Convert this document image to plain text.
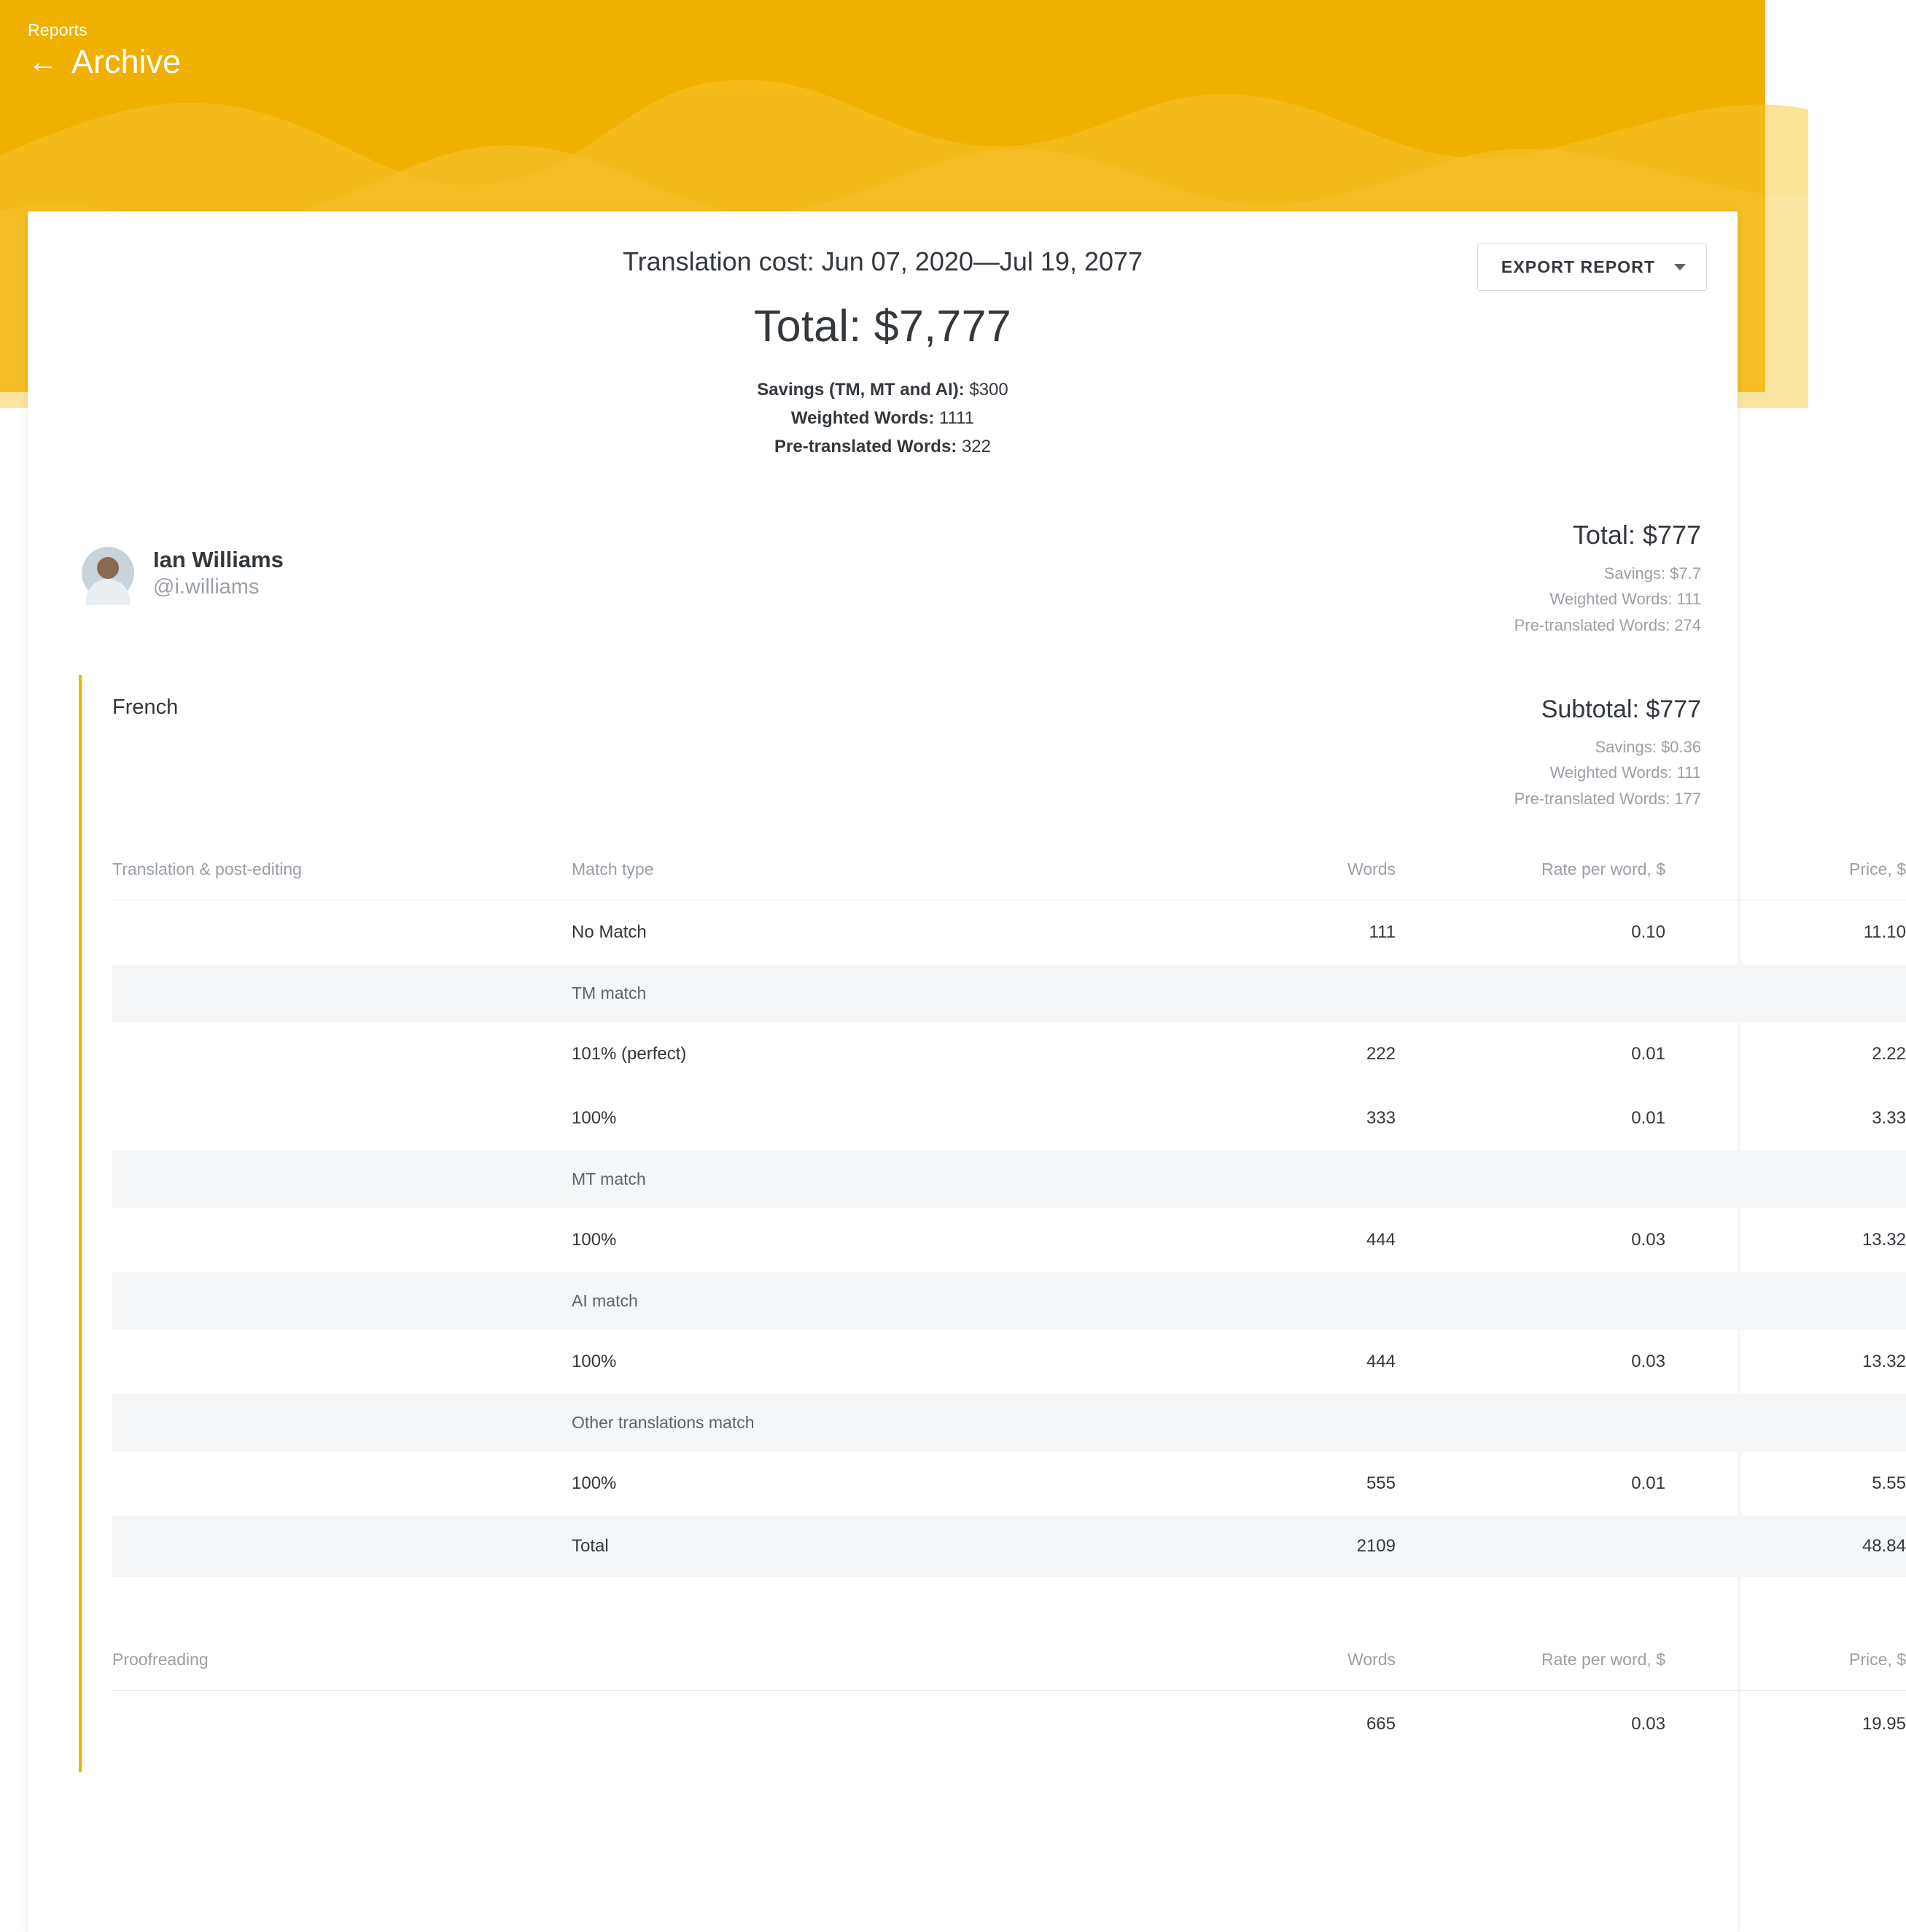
Reports
← Archive
Translation cost: Jun 07, 2020—Jul 19, 2077
Total: $7,777
Savings (TM, MT and AI): $300
Weighted Words: 1111
Pre-translated Words: 322
EXPORT REPORT
Ian Williams
@i.williams
Total: $777
Savings: $7.7
Weighted Words: 111
Pre-translated Words: 274
French	Subtotal: $777
Savings: $0.36
Weighted Words: 111
Pre-translated Words: 177
Translation & post-editing	Match type	Words	Rate per word, $	Price, $
	No Match	111	0.10	11.10
	TM match			
	101% (perfect)	222	0.01	2.22
	100%	333	0.01	3.33
	MT match			
	100%	444	0.03	13.32
	AI match			
	100%	444	0.03	13.32
	Other translations match			
	100%	555	0.01	5.55
	Total	2109		48.84
Proofreading		Words	Rate per word, $	Price, $
		665	0.03	19.95
